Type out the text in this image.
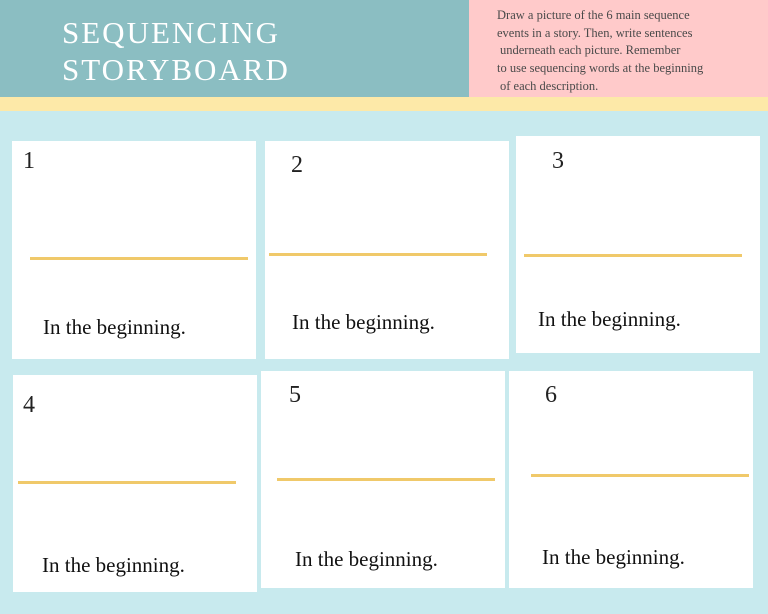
SEQUENCING
STORYBOARD
Draw a picture of the 6 main sequence
events in a story. Then, write sentences
underneath each picture. Remember
to use sequencing words at the beginning
of each description.
1
In the beginning.
2
In the beginning.
3
In the beginning.
4
In the beginning.
5
In the beginning.
6
In the beginning.
